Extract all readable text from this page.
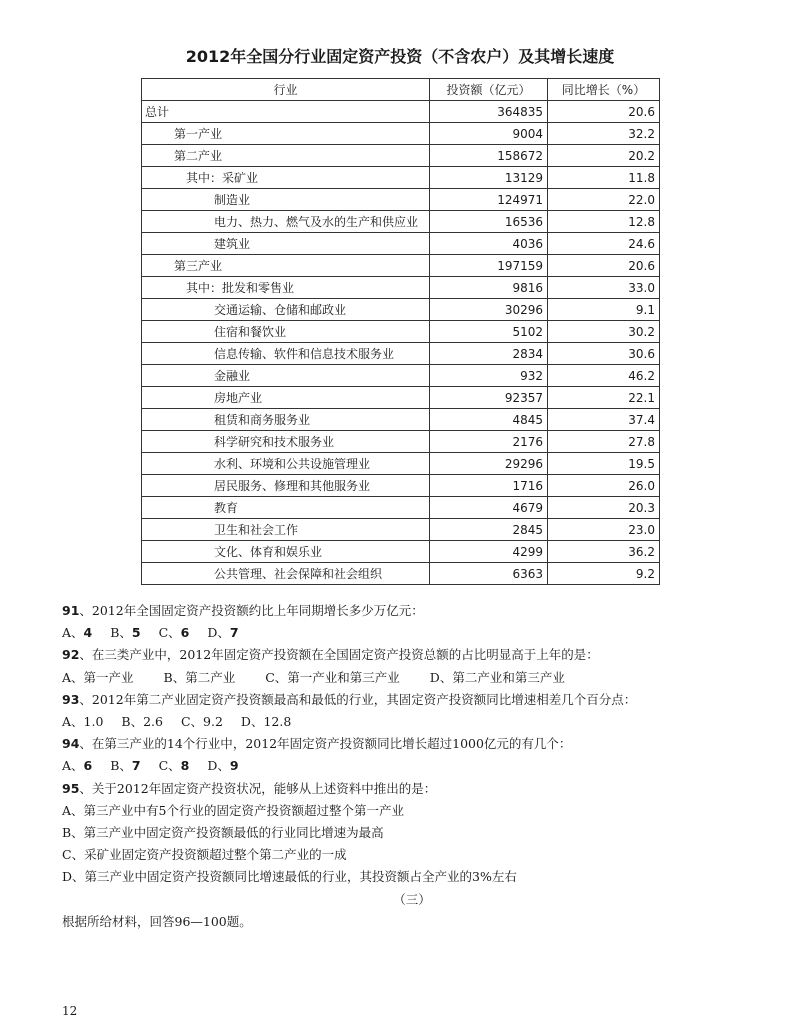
2012年全国分行业固定资产投资（不含农户）及其增长速度
行业	投资额（亿元）	同比增长（%）
总计	364835	20.6
第一产业	9004	32.2
第二产业	158672	20.2
其中：采矿业	13129	11.8
制造业	124971	22.0
电力、热力、燃气及水的生产和供应业	16536	12.8
建筑业	4036	24.6
第三产业	197159	20.6
其中：批发和零售业	9816	33.0
交通运输、仓储和邮政业	30296	9.1
住宿和餐饮业	5102	30.2
信息传输、软件和信息技术服务业	2834	30.6
金融业	932	46.2
房地产业	92357	22.1
租赁和商务服务业	4845	37.4
科学研究和技术服务业	2176	27.8
水利、环境和公共设施管理业	29296	19.5
居民服务、修理和其他服务业	1716	26.0
教育	4679	20.3
卫生和社会工作	2845	23.0
文化、体育和娱乐业	4299	36.2
公共管理、社会保障和社会组织	6363	9.2
91、2012年全国固定资产投资额约比上年同期增长多少万亿元：
A、4 B、5 C、6 D、7
92、在三类产业中，2012年固定资产投资额在全国固定资产投资总额的占比明显高于上年的是：
A、第一产业 B、第二产业 C、第一产业和第三产业 D、第二产业和第三产业
93、2012年第二产业固定资产投资额最高和最低的行业，其固定资产投资额同比增速相差几个百分点：
A、1.0 B、2.6 C、9.2 D、12.8
94、在第三产业的14个行业中，2012年固定资产投资额同比增长超过1000亿元的有几个：
A、6 B、7 C、8 D、9
95、关于2012年固定资产投资状况，能够从上述资料中推出的是：
A、第三产业中有5个行业的固定资产投资额超过整个第一产业
B、第三产业中固定资产投资额最低的行业同比增速为最高
C、采矿业固定资产投资额超过整个第二产业的一成
D、第三产业中固定资产投资额同比增速最低的行业，其投资额占全产业的3%左右
（三）
根据所给材料，回答96—100题。
12
